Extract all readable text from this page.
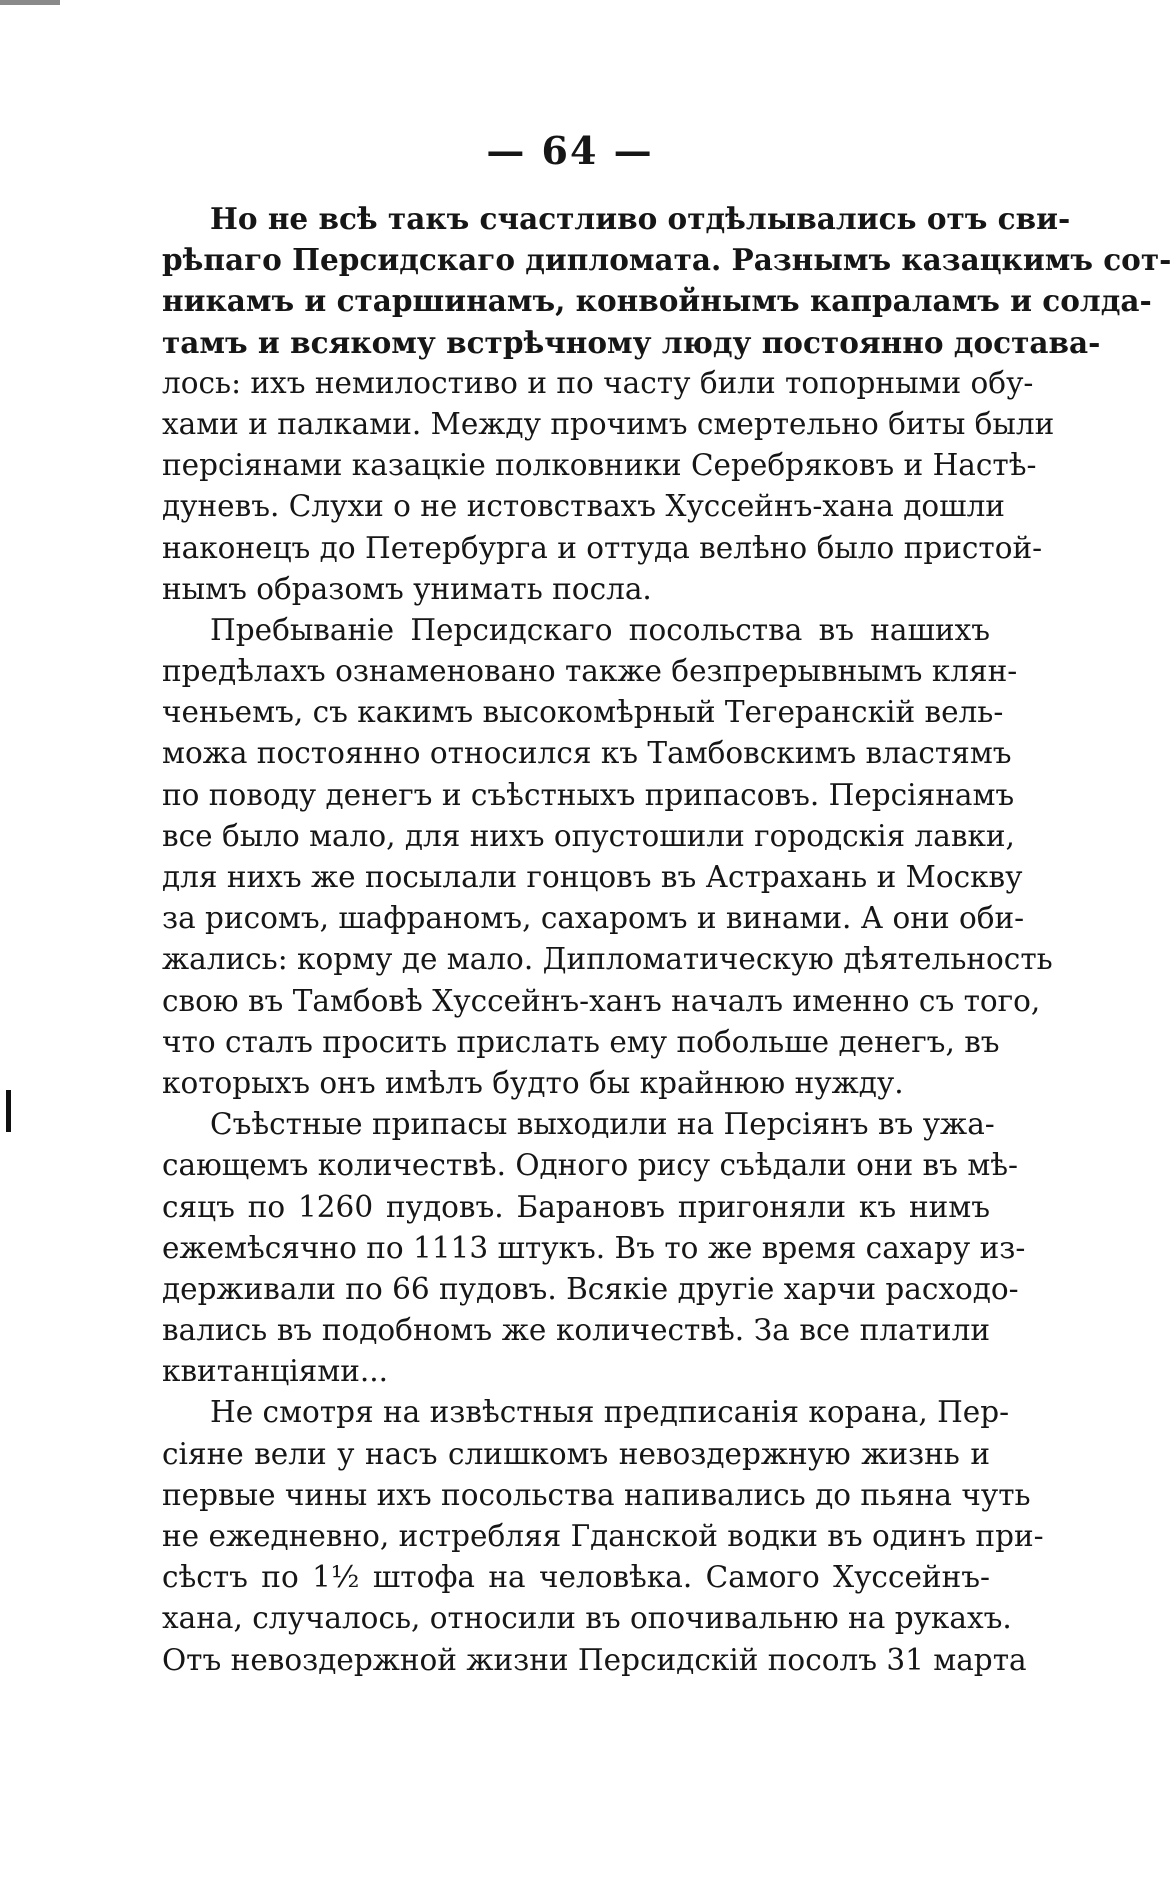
— 64 —
Но не всѣ такъ счастливо отдѣлывались отъ сви-
рѣпаго Персидскаго дипломата. Разнымъ казацкимъ сот-
никамъ и старшинамъ, конвойнымъ капраламъ и солда-
тамъ и всякому встрѣчному люду постоянно достава-
лось: ихъ немилостиво и по часту били топорными обу-
хами и палками. Между прочимъ смертельно биты были
персіянами казацкіе полковники Серебряковъ и Настѣ-
дуневъ. Слухи о не истовствахъ Хуссейнъ-хана дошли
наконецъ до Петербурга и оттуда велѣно было пристой-
нымъ образомъ унимать посла.
Пребываніе Персидскаго посольства въ нашихъ
предѣлахъ ознаменовано также безпрерывнымъ клян-
ченьемъ, съ какимъ высокомѣрный Тегеранскій вель-
можа постоянно относился къ Тамбовскимъ властямъ
по поводу денегъ и съѣстныхъ припасовъ. Персіянамъ
все было мало, для нихъ опустошили городскія лавки,
для нихъ же посылали гонцовъ въ Астрахань и Москву
за рисомъ, шафраномъ, сахаромъ и винами. А они оби-
жались: корму де мало. Дипломатическую дѣятельность
свою въ Тамбовѣ Хуссейнъ-ханъ началъ именно съ того,
что сталъ просить прислать ему побольше денегъ, въ
которыхъ онъ имѣлъ будто бы крайнюю нужду.
Съѣстные припасы выходили на Персіянъ въ ужа-
сающемъ количествѣ. Одного рису съѣдали они въ мѣ-
сяцъ по 1260 пудовъ. Барановъ пригоняли къ нимъ
ежемѣсячно по 1113 штукъ. Въ то же время сахару из-
держивали по 66 пудовъ. Всякіе другіе харчи расходо-
вались въ подобномъ же количествѣ. За все платили
квитанціями...
Не смотря на извѣстныя предписанія корана, Пер-
сіяне вели у насъ слишкомъ невоздержную жизнь и
первые чины ихъ посольства напивались до пьяна чуть
не ежедневно, истребляя Гданской водки въ одинъ при-
сѣстъ по 1½ штофа на человѣка. Самого Хуссейнъ-
хана, случалось, относили въ опочивальню на рукахъ.
Отъ невоздержной жизни Персидскій посолъ 31 марта
